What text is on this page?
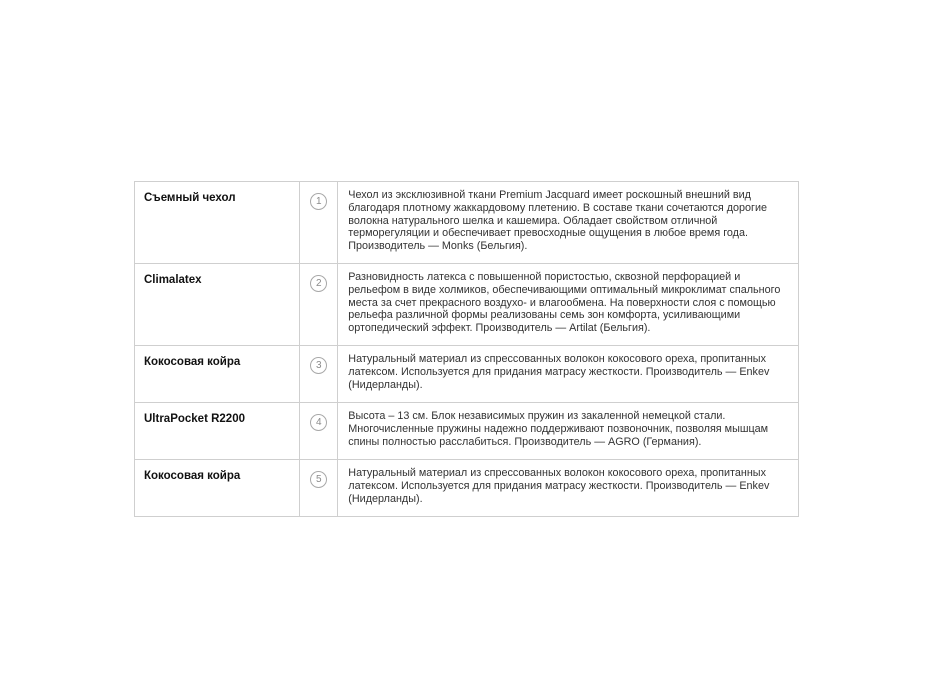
Съемный чехол	1	Чехол из эксклюзивной ткани Premium Jacquard имеет роскошный внешний вид благодаря плотному жаккардовому плетению. В составе ткани сочетаются дорогие волокна натурального шелка и кашемира. Обладает свойством отличной терморегуляции и обеспечивает превосходные ощущения в любое время года. Производитель — Monks (Бельгия).
Climalatex	2	Разновидность латекса с повышенной пористостью, сквозной перфорацией и рельефом в виде холмиков, обеспечивающими оптимальный микроклимат спального места за счет прекрасного воздухо- и влагообмена. На поверхности слоя с помощью рельефа различной формы реализованы семь зон комфорта, усиливающими ортопедический эффект. Производитель — Artilat (Бельгия).
Кокосовая койра	3	Натуральный материал из спрессованных волокон кокосового ореха, пропитанных латексом. Используется для придания матрасу жесткости. Производитель — Enkev (Нидерланды).
UltraPocket R2200	4	Высота – 13 см. Блок независимых пружин из закаленной немецкой стали. Многочисленные пружины надежно поддерживают позвоночник, позволяя мышцам спины полностью расслабиться. Производитель — AGRO (Германия).
Кокосовая койра	5	Натуральный материал из спрессованных волокон кокосового ореха, пропитанных латексом. Используется для придания матрасу жесткости. Производитель — Enkev (Нидерланды).
